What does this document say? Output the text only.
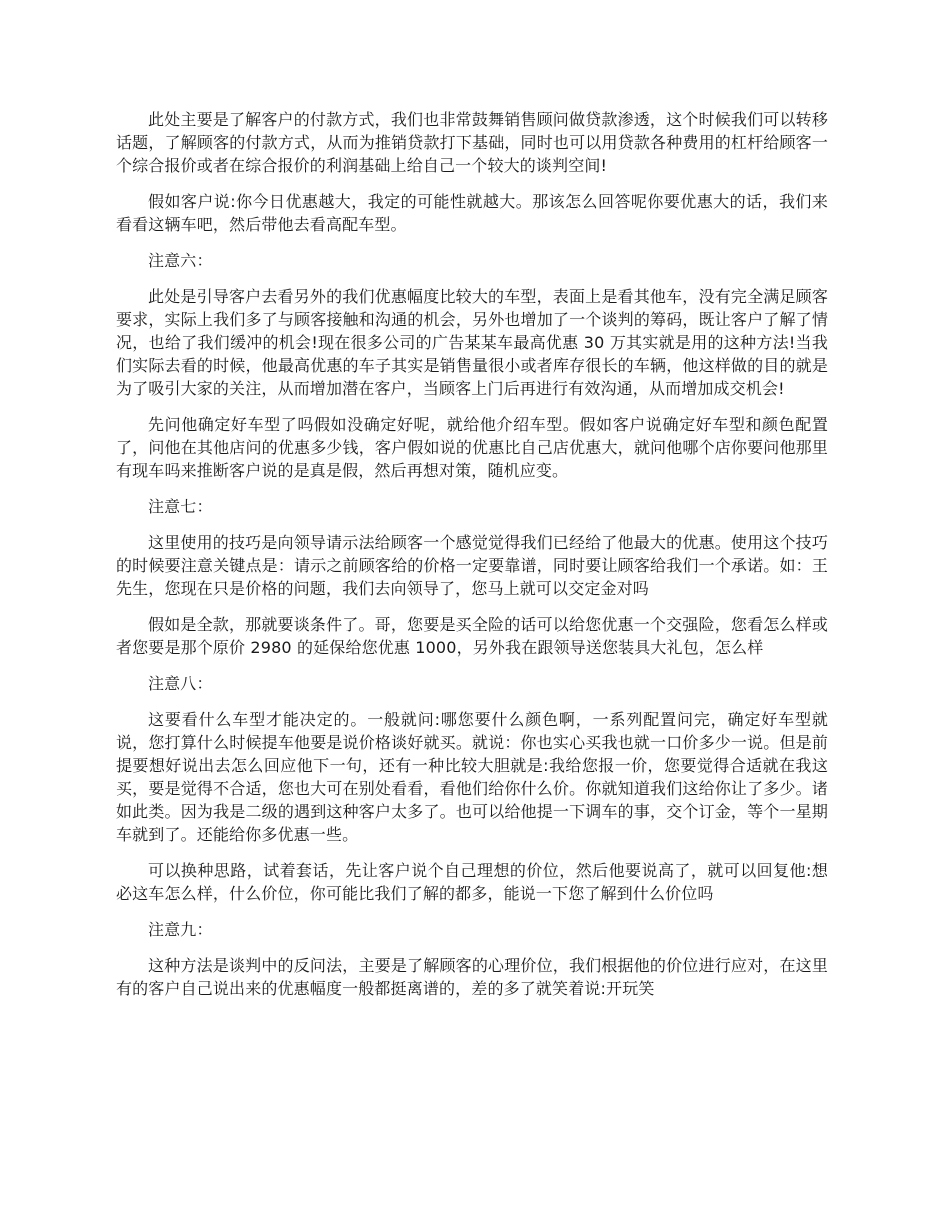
此处主要是了解客户的付款方式，我们也非常鼓舞销售顾问做贷款渗透，这个时候我们可以转移话题，了解顾客的付款方式，从而为推销贷款打下基础，同时也可以用贷款各种费用的杠杆给顾客一个综合报价或者在综合报价的利润基础上给自己一个较大的谈判空间!

假如客户说:你今日优惠越大，我定的可能性就越大。那该怎么回答呢你要优惠大的话，我们来看看这辆车吧，然后带他去看高配车型。

注意六：

此处是引导客户去看另外的我们优惠幅度比较大的车型，表面上是看其他车，没有完全满足顾客要求，实际上我们多了与顾客接触和沟通的机会，另外也增加了一个谈判的筹码，既让客户了解了情况，也给了我们缓冲的机会!现在很多公司的广告某某车最高优惠 30 万其实就是用的这种方法!当我们实际去看的时候，他最高优惠的车子其实是销售量很小或者库存很长的车辆，他这样做的目的就是为了吸引大家的关注，从而增加潜在客户，当顾客上门后再进行有效沟通，从而增加成交机会!

先问他确定好车型了吗假如没确定好呢，就给他介绍车型。假如客户说确定好车型和颜色配置了，问他在其他店问的优惠多少钱，客户假如说的优惠比自己店优惠大，就问他哪个店你要问他那里有现车吗来推断客户说的是真是假，然后再想对策，随机应变。

注意七：

这里使用的技巧是向领导请示法给顾客一个感觉觉得我们已经给了他最大的优惠。使用这个技巧的时候要注意关键点是：请示之前顾客给的价格一定要靠谱，同时要让顾客给我们一个承诺。如：王先生，您现在只是价格的问题，我们去向领导了，您马上就可以交定金对吗

假如是全款，那就要谈条件了。哥，您要是买全险的话可以给您优惠一个交强险，您看怎么样或者您要是那个原价 2980 的延保给您优惠 1000，另外我在跟领导送您装具大礼包，怎么样

注意八：

这要看什么车型才能决定的。一般就问:哪您要什么颜色啊，一系列配置问完，确定好车型就说，您打算什么时候提车他要是说价格谈好就买。就说：你也实心买我也就一口价多少一说。但是前提要想好说出去怎么回应他下一句，还有一种比较大胆就是:我给您报一价，您要觉得合适就在我这买，要是觉得不合适，您也大可在别处看看，看他们给你什么价。你就知道我们这给你让了多少。诸如此类。因为我是二级的遇到这种客户太多了。也可以给他提一下调车的事，交个订金，等个一星期车就到了。还能给你多优惠一些。

可以换种思路，试着套话，先让客户说个自己理想的价位，然后他要说高了，就可以回复他:想必这车怎么样，什么价位，你可能比我们了解的都多，能说一下您了解到什么价位吗

注意九：

这种方法是谈判中的反问法，主要是了解顾客的心理价位，我们根据他的价位进行应对，在这里有的客户自己说出来的优惠幅度一般都挺离谱的，差的多了就笑着说:开玩笑
